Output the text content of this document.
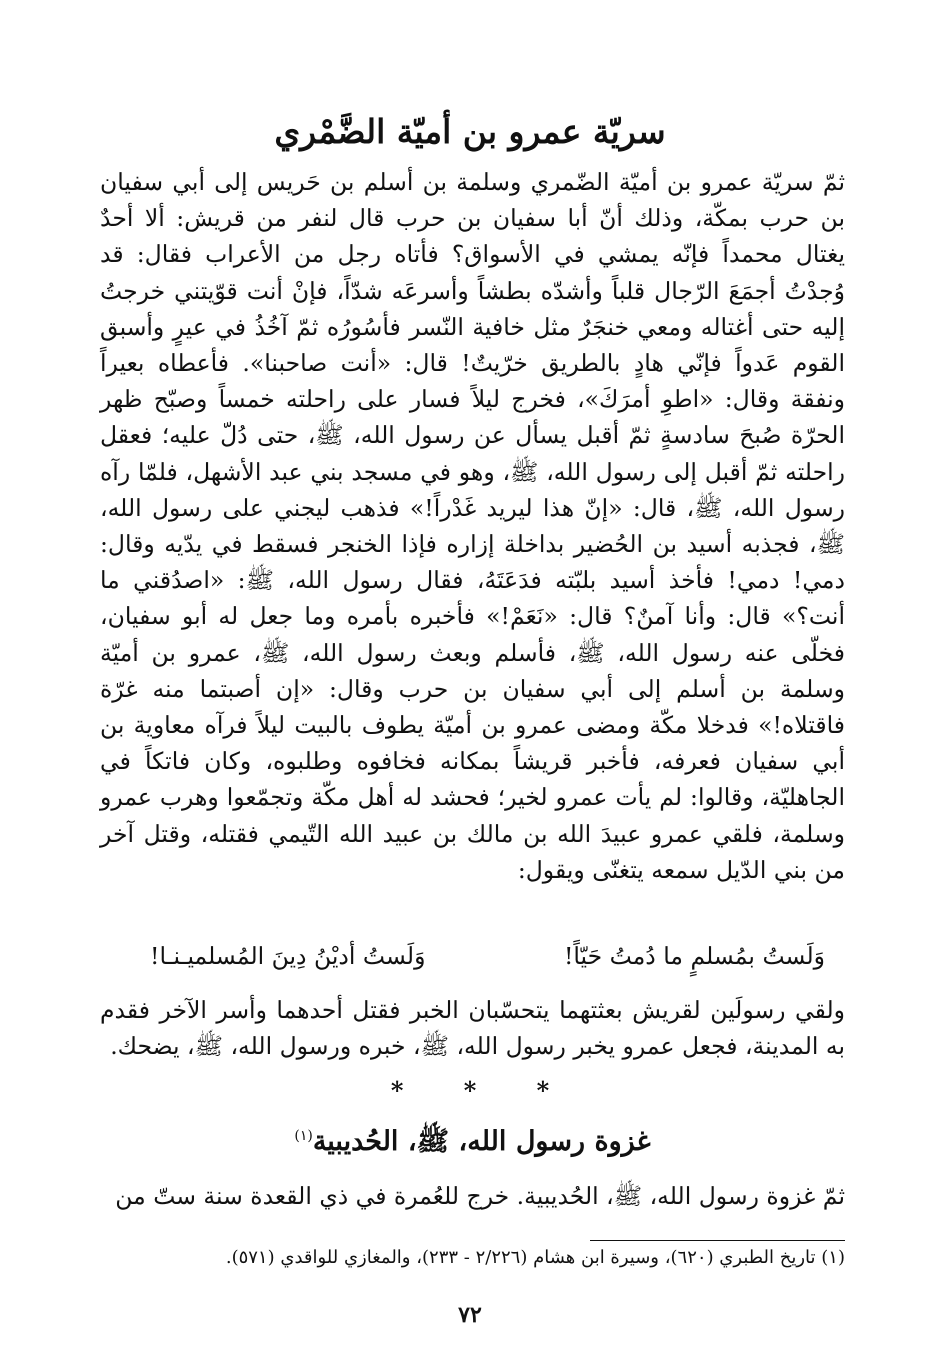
سريّة عمرو بن أميّة الضَّمْري

ثمّ سريّة عمرو بن أميّة الضّمري وسلمة بن أسلم بن حَريس إلى أبي سفيان بن حرب بمكّة، وذلك أنّ أبا سفيان بن حرب قال لنفر من قريش: ألا أحدٌ يغتال محمداً فإنّه يمشي في الأسواق؟ فأتاه رجل من الأعراب فقال: قد وُجدْتُ أجمَعَ الرّجال قلباً وأشدّه بطشاً وأسرعَه شدّاً، فإنْ أنت قوّيتني خرجتُ إليه حتى أغتاله ومعي خنجَرٌ مثل خافية النّسر فأسُورُه ثمّ آخُذُ في عيرٍ وأسبق القوم عَدواً فإنّي هادٍ بالطريق خرّيتٌ! قال: «أنت صاحبنا». فأعطاه بعيراً ونفقة وقال: «اطوِ أمرَكَ»، فخرج ليلاً فسار على راحلته خمساً وصبّح ظهر الحرّة صُبحَ سادسةٍ ثمّ أقبل يسأل عن رسول الله، ﷺ، حتى دُلّ عليه؛ فعقل راحلته ثمّ أقبل إلى رسول الله، ﷺ، وهو في مسجد بني عبد الأشهل، فلمّا رآه رسول الله، ﷺ، قال: «إنّ هذا ليريد غَدْراً!» فذهب ليجني على رسول الله، ﷺ، فجذبه أسيد بن الحُضير بداخلة إزاره فإذا الخنجر فسقط في يدّيه وقال: دمي! دمي! فأخذ أسيد بلبّته فدَعَتَهُ، فقال رسول الله، ﷺ: «اصدُقني ما أنت؟» قال: وأنا آمنٌ؟ قال: «نَعَمْ!» فأخبره بأمره وما جعل له أبو سفيان، فخلّى عنه رسول الله، ﷺ، فأسلم وبعث رسول الله، ﷺ، عمرو بن أميّة وسلمة بن أسلم إلى أبي سفيان بن حرب وقال: «إن أصبتما منه غرّة فاقتلاه!» فدخلا مكّة ومضى عمرو بن أميّة يطوف بالبيت ليلاً فرآه معاوية بن أبي سفيان فعرفه، فأخبر قريشاً بمكانه فخافوه وطلبوه، وكان فاتكاً في الجاهليّة، وقالوا: لم يأت عمرو لخير؛ فحشد له أهل مكّة وتجمّعوا وهرب عمرو وسلمة، فلقي عمرو عبيدَ الله بن مالك بن عبيد الله التّيمي فقتله، وقتل آخر من بني الدّيل سمعه يتغنّى ويقول:

وَلَستُ بمُسلمٍ ما دُمتُ حَيّاً!
وَلَستُ أديْنُ دِينَ المُسلميـنـا!

ولقي رسولَين لقريش بعثتهما يتحسّبان الخبر فقتل أحدهما وأسر الآخر فقدم به المدينة، فجعل عمرو يخبر رسول الله، ﷺ، خبره ورسول الله، ﷺ، يضحك.

* * *
غزوة رسول الله، ﷺ، الحُديبية$^{(١)}$

ثمّ غزوة رسول الله، ﷺ، الحُديبية. خرج للعُمرة في ذي القعدة سنة ستّ من

(١) تاريخ الطبري (٦٢٠)، وسيرة ابن هشام (٢/٢٢٦ - ٢٣٣)، والمغازي للواقدي (٥٧١).

٧٢
